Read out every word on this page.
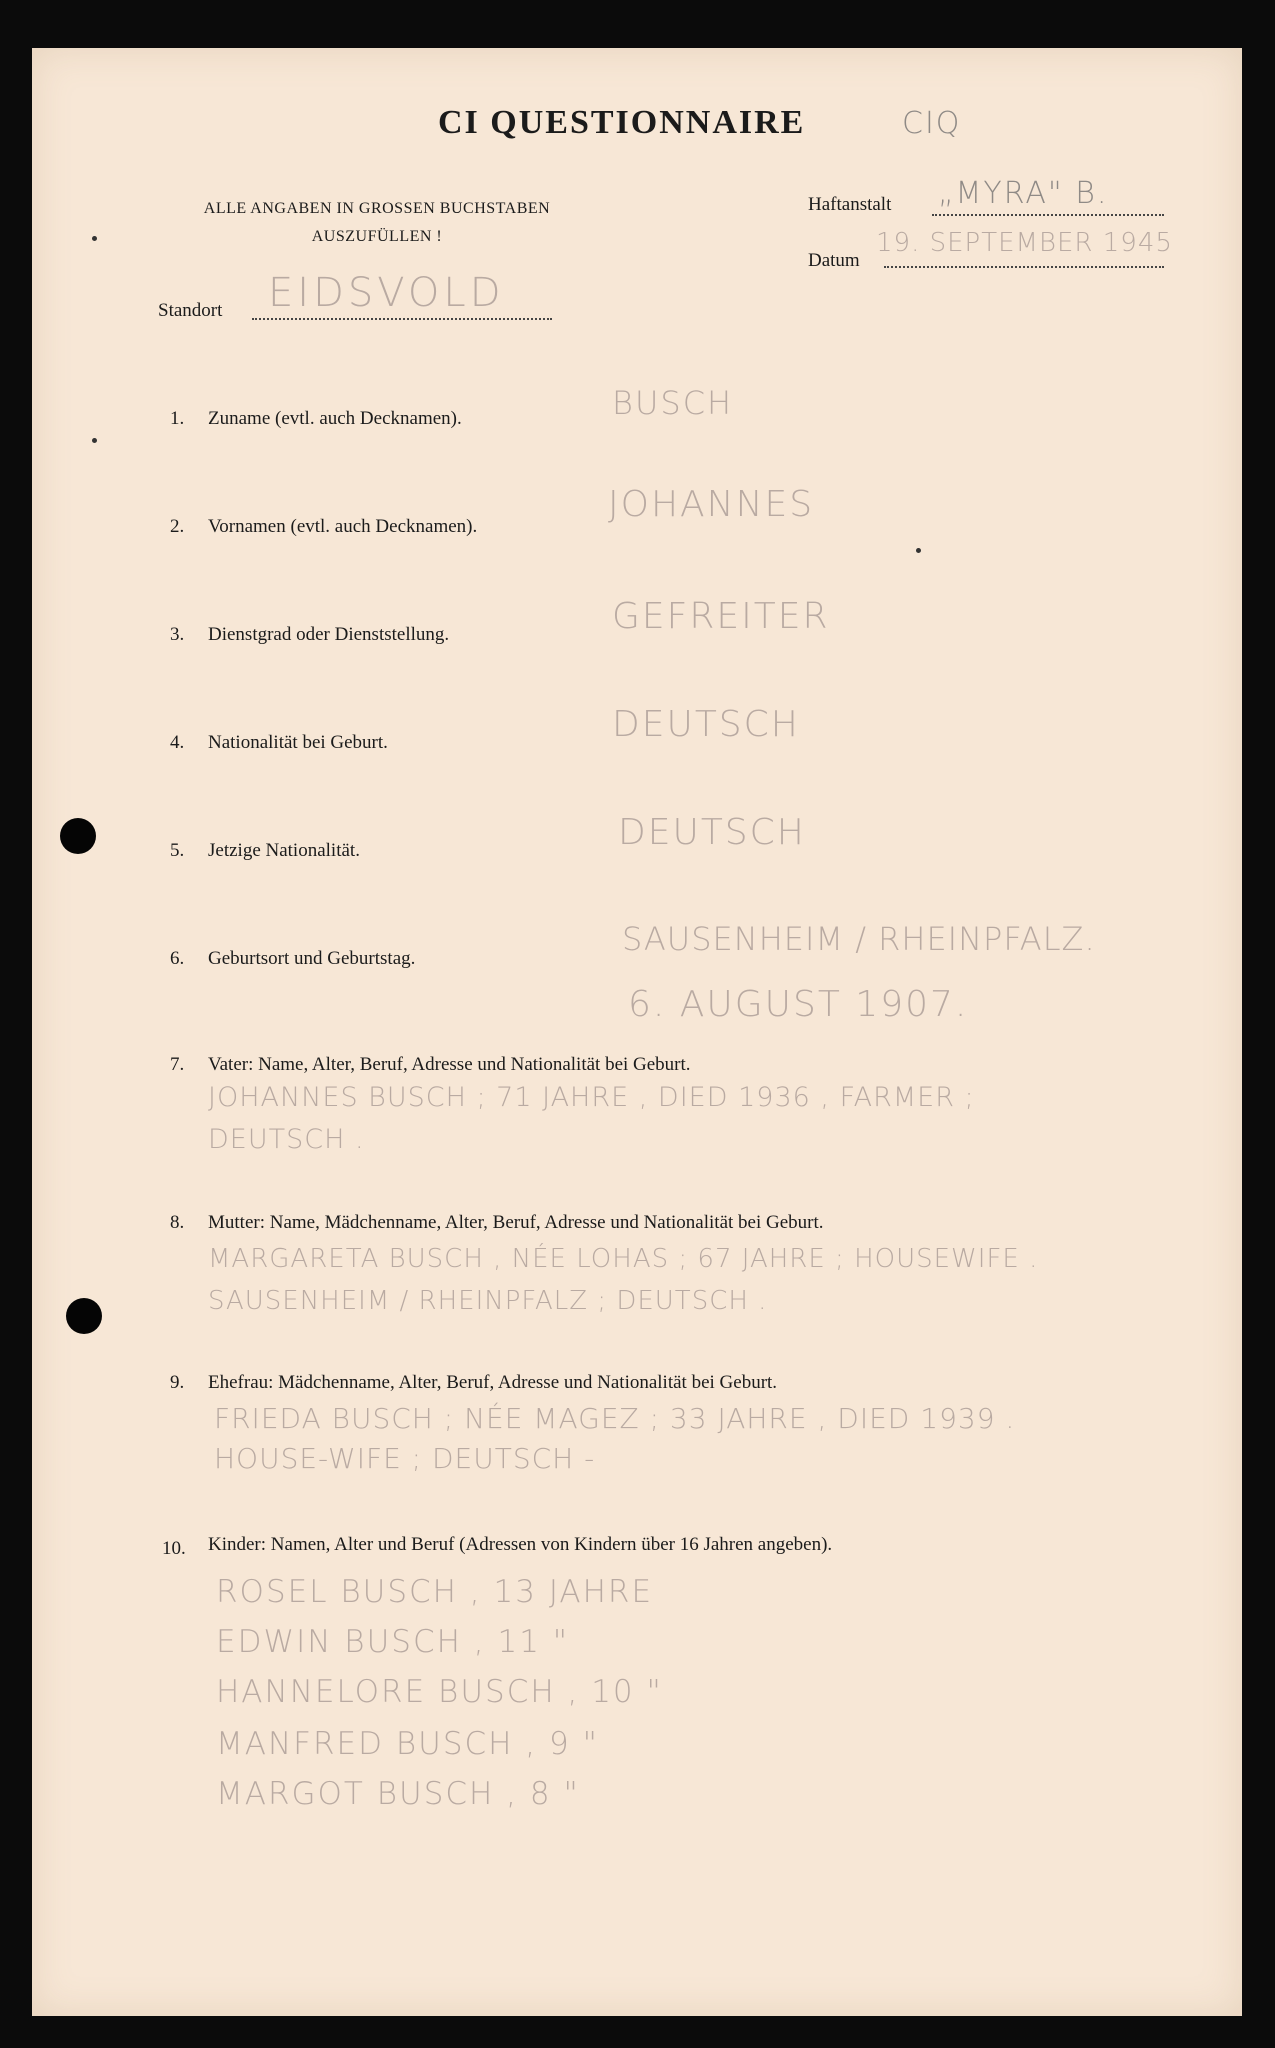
CI QUESTIONNAIRE	CIQ
ALLE ANGABEN IN GROSSEN BUCHSTABEN
AUSZUFÜLLEN !
Haftanstalt „MYRA" B.
Datum
19. SEPTEMBER 1945
Standort EIDSVOLD
1. Zuname (evtl. auch Decknamen).	BUSCH
2. Vornamen (evtl. auch Decknamen).
JOHANNES
3. Dienstgrad oder Dienststellung.	GEFREITER
4. Nationalität bei Geburt.	DEUTSCH
5. Jetzige Nationalität.	DEUTSCH
6. Geburtsort und Geburtstag.
SAUSENHEIM / RHEINPFALZ.
6. AUGUST 1907.
7. Vater: Name, Alter, Beruf, Adresse und Nationalität bei Geburt.
JOHANNES BUSCH ; 71 JAHRE , DIED 1936 , FARMER ;
DEUTSCH .
8. Mutter: Name, Mädchenname, Alter, Beruf, Adresse und Nationalität bei Geburt.
MARGARETA BUSCH , NÉE LOHAS ; 67 JAHRE ; HOUSEWIFE .
SAUSENHEIM / RHEINPFALZ ; DEUTSCH .
9. Ehefrau: Mädchenname, Alter, Beruf, Adresse und Nationalität bei Geburt.
FRIEDA BUSCH ; NÉE MAGEZ ; 33 JAHRE , DIED 1939 .
HOUSE-WIFE ; DEUTSCH -
10. Kinder: Namen, Alter und Beruf (Adressen von Kindern über 16 Jahren angeben).
ROSEL BUSCH , 13 JAHRE
EDWIN BUSCH , 11 "
HANNELORE BUSCH , 10 "
MANFRED BUSCH , 9 "
MARGOT BUSCH , 8 "
